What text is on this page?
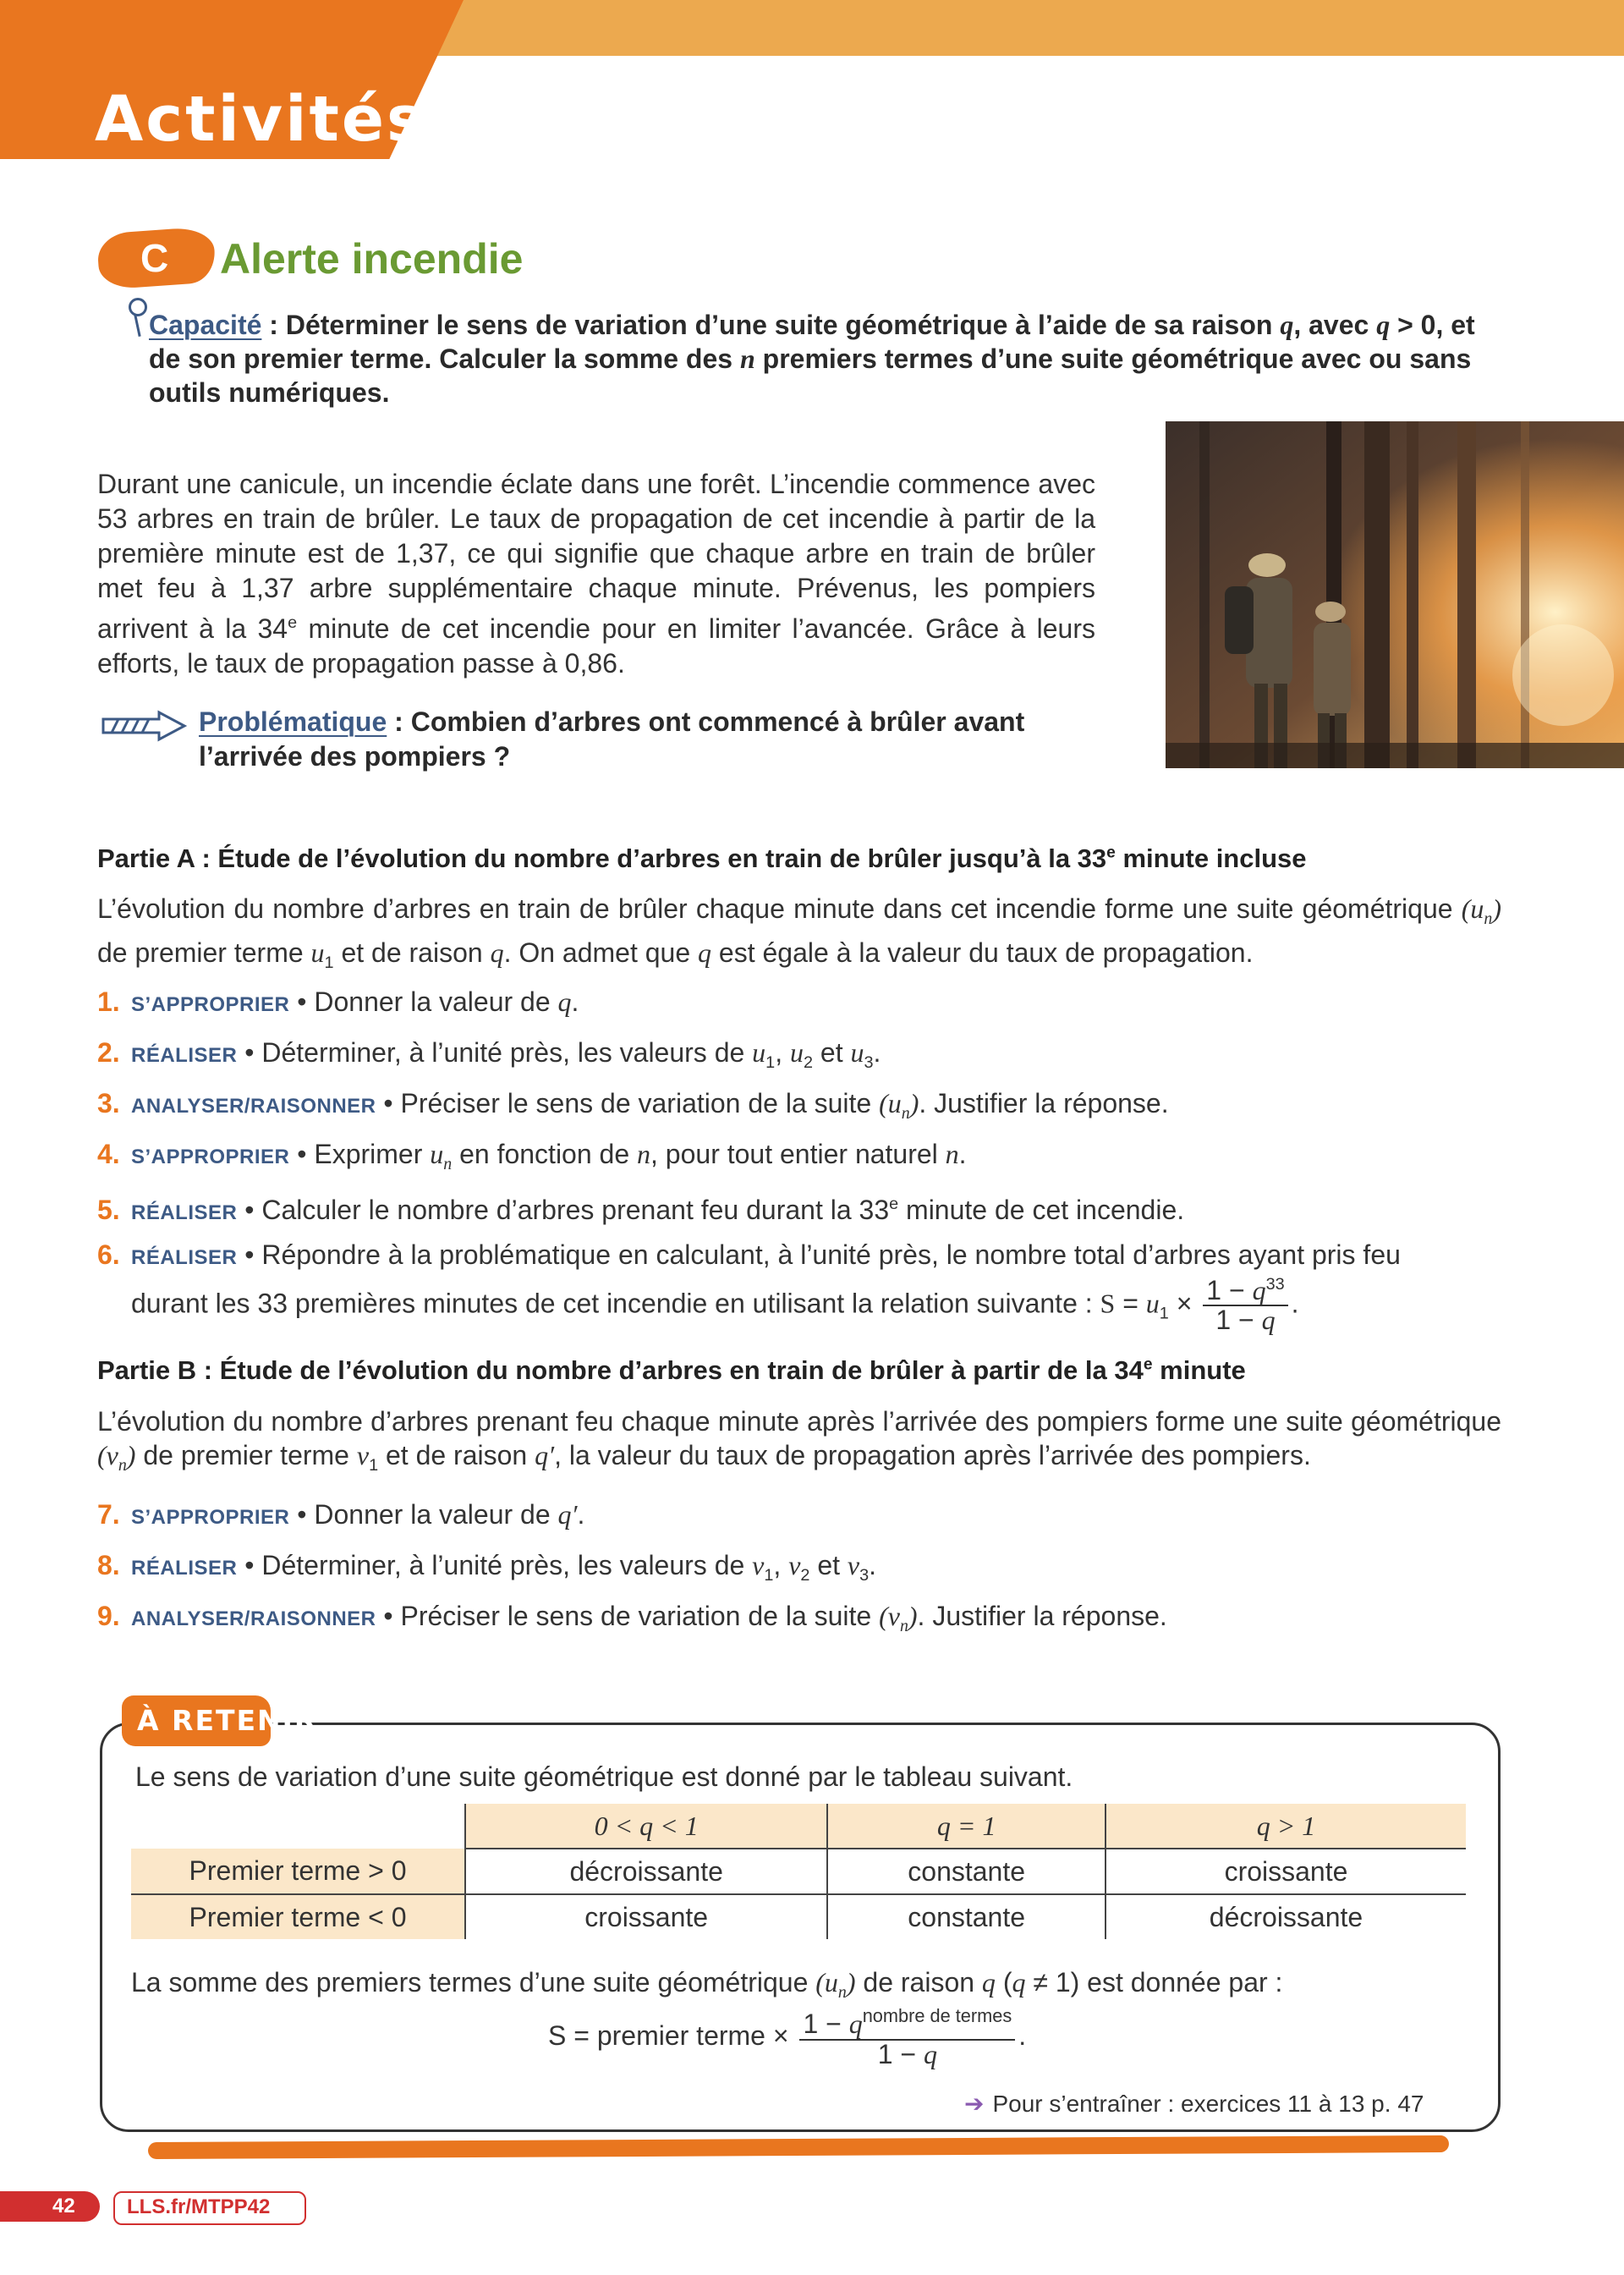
Activités
C Alerte incendie
Capacité : Déterminer le sens de variation d’une suite géométrique à l’aide de sa raison q, avec q > 0, et de son premier terme. Calculer la somme des n premiers termes d’une suite géométrique avec ou sans outils numériques.
Durant une canicule, un incendie éclate dans une forêt. L’incendie commence avec 53 arbres en train de brûler. Le taux de propagation de cet incendie à partir de la première minute est de 1,37, ce qui signifie que chaque arbre en train de brûler met feu à 1,37 arbre supplémentaire chaque minute. Prévenus, les pompiers arrivent à la 34e minute de cet incendie pour en limiter l’avancée. Grâce à leurs efforts, le taux de propagation passe à 0,86.
Problématique : Combien d’arbres ont commencé à brûler avant l’arrivée des pompiers ?
Partie A : Étude de l’évolution du nombre d’arbres en train de brûler jusqu’à la 33e minute incluse
L’évolution du nombre d’arbres en train de brûler chaque minute dans cet incendie forme une suite géométrique $(u_n)$ de premier terme $u_1$ et de raison q. On admet que q est égale à la valeur du taux de propagation.
1. S’APPROPRIER • Donner la valeur de q.
2. RÉALISER • Déterminer, à l’unité près, les valeurs de $u_1$, $u_2$ et $u_3$.
3. ANALYSER/RAISONNER • Préciser le sens de variation de la suite $(u_n)$. Justifier la réponse.
4. S’APPROPRIER • Exprimer $u_n$ en fonction de n, pour tout entier naturel n.
5. RÉALISER • Calculer le nombre d’arbres prenant feu durant la 33e minute de cet incendie.
6. RÉALISER • Répondre à la problématique en calculant, à l’unité près, le nombre total d’arbres ayant pris feu
durant les 33 premières minutes de cet incendie en utilisant la relation suivante : $S = u_1 \times \frac{1 - q^{33}}{1 - q}$ .
Partie B : Étude de l’évolution du nombre d’arbres en train de brûler à partir de la 34e minute
L’évolution du nombre d’arbres prenant feu chaque minute après l’arrivée des pompiers forme une suite géométrique $(v_n)$ de premier terme $v_1$ et de raison q′, la valeur du taux de propagation après l’arrivée des pompiers.
7. S’APPROPRIER • Donner la valeur de q′.
8. RÉALISER • Déterminer, à l’unité près, les valeurs de $v_1$, $v_2$ et $v_3$.
9. ANALYSER/RAISONNER • Préciser le sens de variation de la suite $(v_n)$. Justifier la réponse.
À RETENIR
Le sens de variation d’une suite géométrique est donné par le tableau suivant.
	0 < q < 1	q = 1	q > 1
Premier terme > 0	décroissante	constante	croissante
Premier terme < 0	croissante	constante	décroissante
La somme des premiers termes d’une suite géométrique $(u_n)$ de raison q (q ≠ 1) est donnée par :
S = premier terme × $\frac{1 - q^{nombre de termes}}{1 - q}$ .
➔ Pour s’entraîner : exercices 11 à 13 p. 47
42	LLS.fr/MTPP42
